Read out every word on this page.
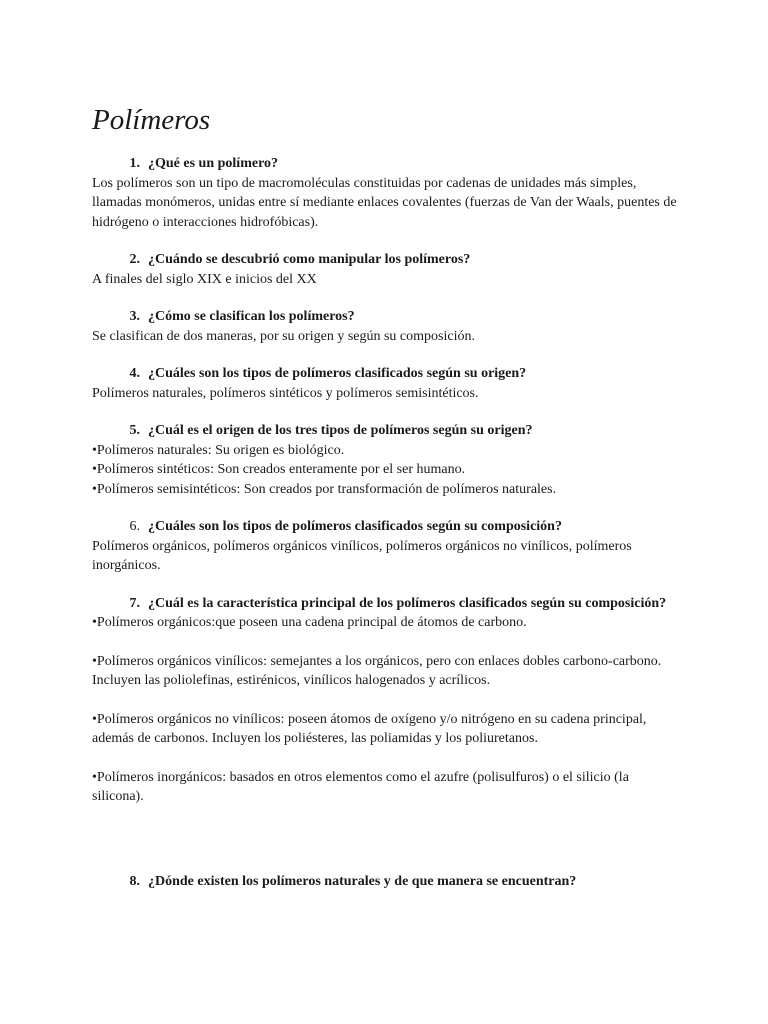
Polímeros
1. ¿Qué es un polímero?

Los polímeros son un tipo de macromoléculas constituidas por cadenas de unidades más simples, llamadas monómeros, unidas entre sí mediante enlaces covalentes (fuerzas de Van der Waals, puentes de hidrógeno o interacciones hidrofóbicas).

2. ¿Cuándo se descubrió como manipular los polímeros?

A finales del siglo XIX e inicios del XX

3. ¿Cómo se clasifican los polímeros?

Se clasifican de dos maneras, por su origen y según su composición.

4. ¿Cuáles son los tipos de polímeros clasificados según su origen?

Polímeros naturales, polímeros sintéticos y polímeros semisintéticos.

5. ¿Cuál es el origen de los tres tipos de polímeros según su origen?

•Polímeros naturales: Su origen es biológico.

•Polímeros sintéticos: Son creados enteramente por el ser humano.

•Polímeros semisintéticos: Son creados por transformación de polímeros naturales.

6. ¿Cuáles son los tipos de polímeros clasificados según su composición?

Polímeros orgánicos, polímeros orgánicos vinílicos, polímeros orgánicos no vinílicos, polímeros inorgánicos.

7. ¿Cuál es la característica principal de los polímeros clasificados según su composición?

•Polímeros orgánicos:que poseen una cadena principal de átomos de carbono.

•Polímeros orgánicos vinílicos: semejantes a los orgánicos, pero con enlaces dobles carbono-carbono. Incluyen las poliolefinas, estirénicos, vinílicos halogenados y acrílicos.

•Polímeros orgánicos no vinílicos: poseen átomos de oxígeno y/o nitrógeno en su cadena principal, además de carbonos. Incluyen los poliésteres, las poliamidas y los poliuretanos.

•Polímeros inorgánicos: basados en otros elementos como el azufre (polisulfuros) o el silicio (la silicona).

8. ¿Dónde existen los polímeros naturales y de que manera se encuentran?
